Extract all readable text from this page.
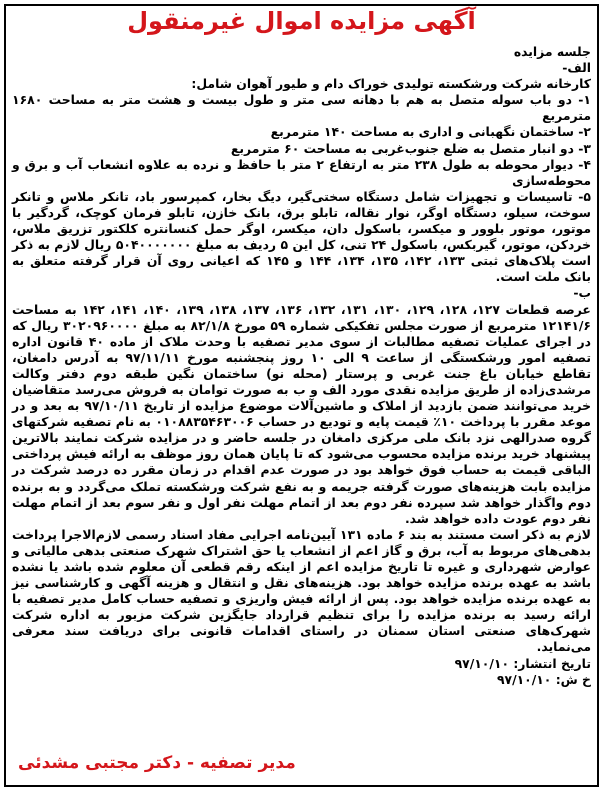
آگهی مزایده اموال غیرمنقول
جلسه مزایده
الف-
کارخانه شرکت ورشکسته تولیدی خوراک دام و طیور آهوان شامل:
۱- دو باب سوله متصل به هم با دهانه سی متر و طول بیست و هشت متر به مساحت ۱۶۸۰ مترمربع
۲- ساختمان نگهبانی و اداری به مساحت ۱۴۰ مترمربع
۳- دو انبار متصل به ضلع جنوب‌غربی به مساحت ۶۰ مترمربع
۴- دیوار محوطه به طول ۲۳۸ متر به ارتفاع ۲ متر با حافظ و نرده به علاوه انشعاب آب و برق و محوطه‌سازی
۵- تاسیسات و تجهیزات شامل دستگاه سختی‌گیر، دیگ بخار، کمپرسور باد، تانکر ملاس و تانکر سوخت، سیلو، دستگاه اوگر، نوار نقاله، تابلو برق، بانک خازن، تابلو فرمان کوچک، گردگیر با موتور، موتور بلوور و میکسر، باسکول دان، میکسر، اوگر حمل کنسانتره کلکتور تزریق ملاس، خردکن، موتور، گیربکس، باسکول ۲۴ تنی، کل این ۵ ردیف به مبلغ ۵۰۴۰۰۰۰۰۰۰ ریال لازم به ذکر است پلاک‌های ثبتی ۱۳۳، ۱۴۲، ۱۳۵، ۱۳۴، ۱۴۴ و ۱۴۵ که اعیانی روی آن قرار گرفته متعلق به بانک ملت است.
ب-
عرصه قطعات ۱۲۷، ۱۲۸، ۱۲۹، ۱۳۰، ۱۳۱، ۱۳۲، ۱۳۶، ۱۳۷، ۱۳۸، ۱۳۹، ۱۴۰، ۱۴۱، ۱۴۲ به مساحت ۱۲۱۴۱/۶ مترمربع از صورت مجلس تفکیکی شماره ۵۹ مورخ ۸۲/۱/۸ به مبلغ ۳۰۲۰۹۶۰۰۰۰ ریال که در اجرای عملیات تصفیه مطالبات از سوی مدیر تصفیه با وحدت ملاک از ماده ۴۰ قانون اداره تصفیه امور ورشکستگی از ساعت ۹ الی ۱۰ روز پنجشنبه مورخ ۹۷/۱۱/۱۱ به آدرس دامغان، تقاطع خیابان باغ جنت غربی و پرستار (محله نو) ساختمان نگین طبقه دوم دفتر وکالت مرشدی‌زاده از طریق مزایده نقدی مورد الف و ب به صورت توامان به فروش می‌رسد متقاضیان خرید می‌توانند ضمن بازدید از املاک و ماشین‌آلات موضوع مزایده از تاریخ ۹۷/۱۰/۱۱ به بعد و در موعد مقرر با پرداخت ۱۰٪ قیمت پایه و تودیع در حساب ۰۱۰۸۸۳۵۴۶۳۰۰۶ به نام تصفیه شرکتهای گروه صدرالهی نزد بانک ملی مرکزی دامغان در جلسه حاضر و در مزایده شرکت نمایند بالاترین پیشنهاد خرید برنده مزایده محسوب می‌شود که تا پایان همان روز موظف به ارائه فیش پرداختی الباقی قیمت به حساب فوق خواهد بود در صورت عدم اقدام در زمان مقرر ده درصد شرکت در مزایده بابت هزینه‌های صورت گرفته جریمه و به نفع شرکت ورشکسته تملک می‌گردد و به برنده دوم واگذار خواهد شد سپرده نفر دوم بعد از اتمام مهلت نفر اول و نفر سوم بعد از اتمام مهلت نفر دوم عودت داده خواهد شد.
لازم به ذکر است مستند به بند ۶ ماده ۱۳۱ آیین‌نامه اجرایی مفاد اسناد رسمی لازم‌الاجرا پرداخت بدهی‌های مربوط به آب، برق و گاز اعم از انشعاب یا حق اشتراک شهرک صنعتی بدهی مالیاتی و عوارض شهرداری و غیره تا تاریخ مزایده اعم از اینکه رقم قطعی آن معلوم شده باشد یا نشده باشد به عهده برنده مزایده خواهد بود. هزینه‌های نقل و انتقال و هزینه آگهی و کارشناسی نیز به عهده برنده مزایده خواهد بود. پس از ارائه فیش واریزی و تصفیه حساب کامل مدیر تصفیه با ارائه رسید به برنده مزایده را برای تنظیم قرارداد جایگزین شرکت مزبور به اداره شرکت شهرک‌های صنعتی استان سمنان در راستای اقدامات قانونی برای دریافت سند معرفی می‌نماید.
تاریخ انتشار: ۹۷/۱۰/۱۰
خ ش: ۹۷/۱۰/۱۰
مدیر تصفیه - دکتر مجتبی مشدئی
